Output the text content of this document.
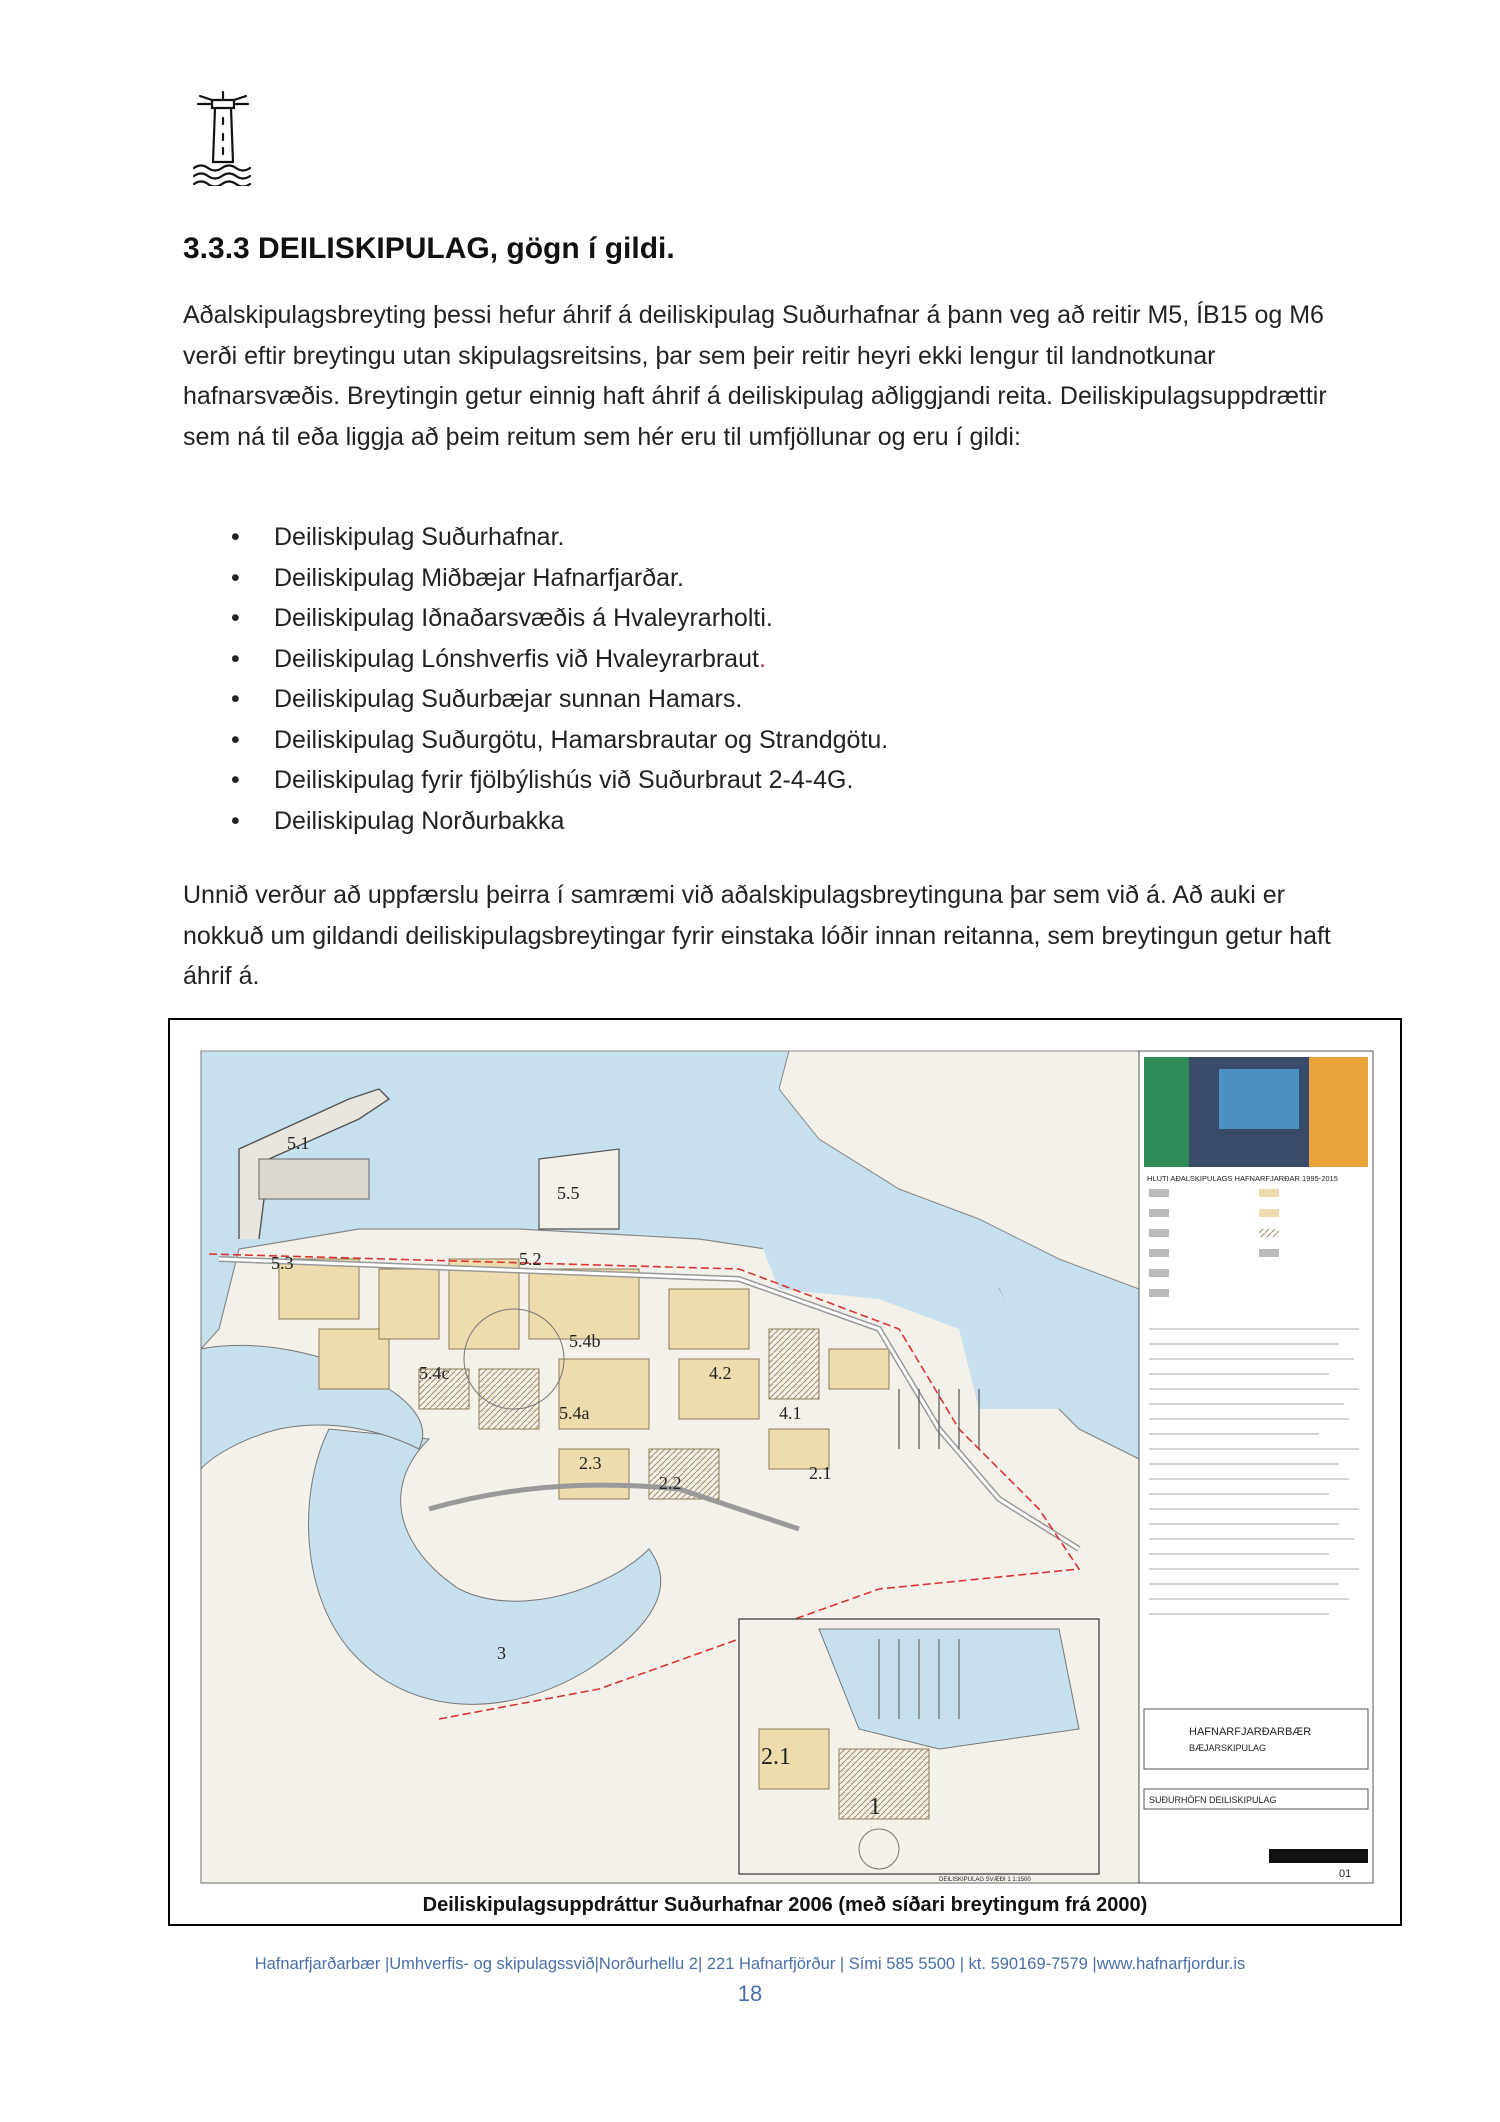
3.3.3 DEILISKIPULAG, gögn í gildi.

Aðalskipulagsbreyting þessi hefur áhrif á deiliskipulag Suðurhafnar á þann veg að reitir M5, ÍB15 og M6 verði eftir breytingu utan skipulagsreitsins, þar sem þeir reitir heyri ekki lengur til landnotkunar hafnarsvæðis. Breytingin getur einnig haft áhrif á deiliskipulag aðliggjandi reita. Deiliskipulagsuppdrættir sem ná til eða liggja að þeim reitum sem hér eru til umfjöllunar og eru í gildi:

• Deiliskipulag Suðurhafnar.
• Deiliskipulag Miðbæjar Hafnarfjarðar.
• Deiliskipulag Iðnaðarsvæðis á Hvaleyrarholti.
• Deiliskipulag Lónshverfis við Hvaleyrarbraut.
• Deiliskipulag Suðurbæjar sunnan Hamars.
• Deiliskipulag Suðurgötu, Hamarsbrautar og Strandgötu.
• Deiliskipulag fyrir fjölbýlishús við Suðurbraut 2-4-4G.
• Deiliskipulag Norðurbakka

Unnið verður að uppfærslu þeirra í samræmi við aðalskipulagsbreytinguna þar sem við á. Að auki er nokkuð um gildandi deiliskipulagsbreytingar fyrir einstaka lóðir innan reitanna, sem breytingun getur haft áhrif á.

5.1
5.5
5.2
5.3
5.4b
5.4c
5.4a
4.2
4.1
2.3
2.2	2.1
3
2.1
1
HLUTI AÐALSKIPULAGS HAFNARFJARÐAR 1995-2015
HAFNARFJARÐARBÆR
BÆJARSKIPULAG
SUÐURHÖFN DEILISKIPULAG
01
DEILISKIPULAG SVÆÐI 1 1:1500
Deiliskipulagsuppdráttur Suðurhafnar 2006 (með síðari breytingum frá 2000)
Hafnarfjarðarbær |Umhverfis- og skipulagssvið|Norðurhellu 2| 221 Hafnarfjörður | Sími 585 5500 | kt. 590169-7579 |www.hafnarfjordur.is
18
